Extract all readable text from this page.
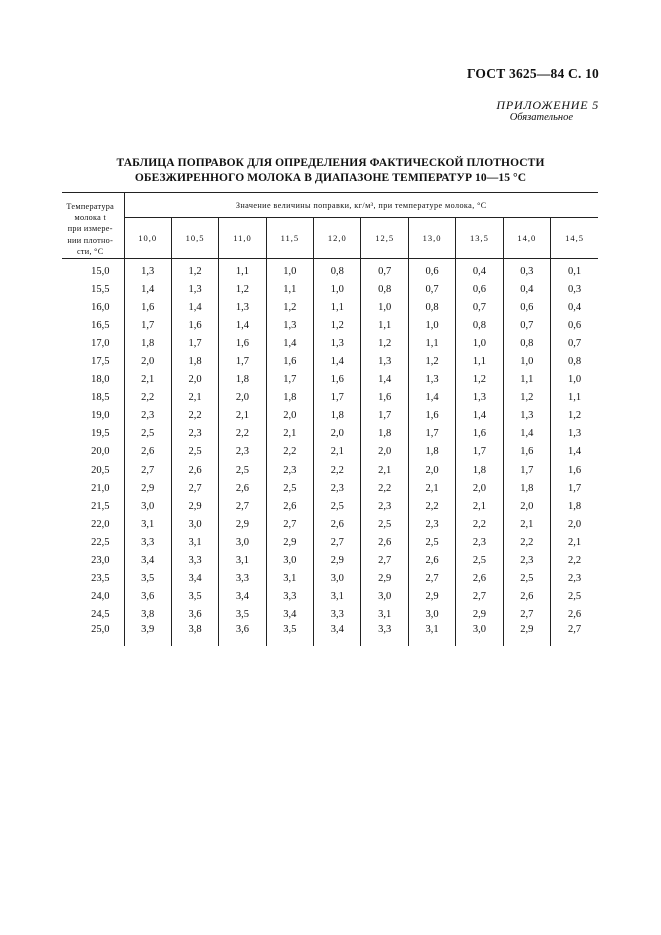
ГОСТ 3625—84 С. 10
ПРИЛОЖЕНИЕ 5
Обязательное
ТАБЛИЦА ПОПРАВОК ДЛЯ ОПРЕДЕЛЕНИЯ ФАКТИЧЕСКОЙ ПЛОТНОСТИ
ОБЕЗЖИРЕННОГО МОЛОКА В ДИАПАЗОНЕ ТЕМПЕРАТУР 10—15 °С
Температура
молока t
при измере-
нии плотно-
сти, °С	Значение величины поправки, кг/м³, при температуре молока, °С									
	10,0	10,5	11,0	11,5	12,0	12,5	13,0	13,5	14,0	14,5
15,0	1,3	1,2	1,1	1,0	0,8	0,7	0,6	0,4	0,3	0,1
15,5	1,4	1,3	1,2	1,1	1,0	0,8	0,7	0,6	0,4	0,3
16,0	1,6	1,4	1,3	1,2	1,1	1,0	0,8	0,7	0,6	0,4
16,5	1,7	1,6	1,4	1,3	1,2	1,1	1,0	0,8	0,7	0,6
17,0	1,8	1,7	1,6	1,4	1,3	1,2	1,1	1,0	0,8	0,7
17,5	2,0	1,8	1,7	1,6	1,4	1,3	1,2	1,1	1,0	0,8
18,0	2,1	2,0	1,8	1,7	1,6	1,4	1,3	1,2	1,1	1,0
18,5	2,2	2,1	2,0	1,8	1,7	1,6	1,4	1,3	1,2	1,1
19,0	2,3	2,2	2,1	2,0	1,8	1,7	1,6	1,4	1,3	1,2
19,5	2,5	2,3	2,2	2,1	2,0	1,8	1,7	1,6	1,4	1,3
20,0	2,6	2,5	2,3	2,2	2,1	2,0	1,8	1,7	1,6	1,4
20,5	2,7	2,6	2,5	2,3	2,2	2,1	2,0	1,8	1,7	1,6
21,0	2,9	2,7	2,6	2,5	2,3	2,2	2,1	2,0	1,8	1,7
21,5	3,0	2,9	2,7	2,6	2,5	2,3	2,2	2,1	2,0	1,8
22,0	3,1	3,0	2,9	2,7	2,6	2,5	2,3	2,2	2,1	2,0
22,5	3,3	3,1	3,0	2,9	2,7	2,6	2,5	2,3	2,2	2,1
23,0	3,4	3,3	3,1	3,0	2,9	2,7	2,6	2,5	2,3	2,2
23,5	3,5	3,4	3,3	3,1	3,0	2,9	2,7	2,6	2,5	2,3
24,0	3,6	3,5	3,4	3,3	3,1	3,0	2,9	2,7	2,6	2,5
24,5	3,8	3,6	3,5	3,4	3,3	3,1	3,0	2,9	2,7	2,6
25,0	3,9	3,8	3,6	3,5	3,4	3,3	3,1	3,0	2,9	2,7
